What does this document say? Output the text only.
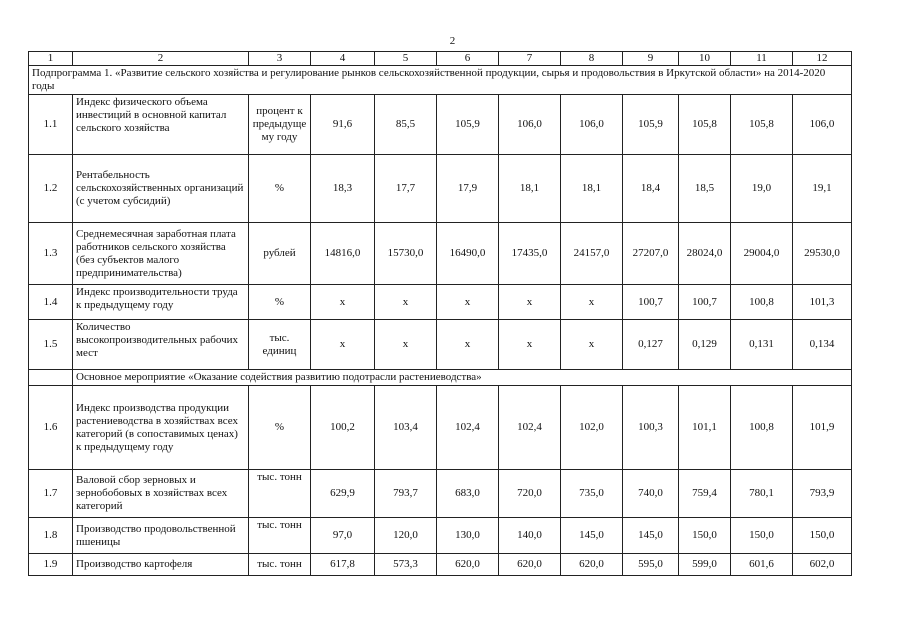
2
1	2	3	4	5	6	7	8	9	10	11	12
Подпрограмма 1. «Развитие сельского хозяйства и регулирование рынков сельскохозяйственной продукции, сырья и продовольствия в Иркутской области» на 2014-2020 годы											
1.1	Индекс физического объема инвестиций в основной капитал сельского хозяйства	процент к предыдуще му году	91,6	85,5	105,9	106,0	106,0	105,9	105,8	105,8	106,0
1.2	Рентабельность сельскохозяйственных организаций (с учетом субсидий)	%	18,3	17,7	17,9	18,1	18,1	18,4	18,5	19,0	19,1
1.3	Среднемесячная заработная плата работников сельского хозяйства (без субъектов малого предпринимательства)	рублей	14816,0	15730,0	16490,0	17435,0	24157,0	27207,0	28024,0	29004,0	29530,0
1.4	Индекс производительности труда к предыдущему году	%	x	x	x	x	x	100,7	100,7	100,8	101,3
1.5	Количество высокопроизводительных рабочих мест	тыс. единиц	x	x	x	x	x	0,127	0,129	0,131	0,134
	Основное мероприятие «Оказание содействия развитию подотрасли растениеводства»										
1.6	Индекс производства продукции растениеводства в хозяйствах всех категорий (в сопоставимых ценах) к предыдущему году	%	100,2	103,4	102,4	102,4	102,0	100,3	101,1	100,8	101,9
1.7	Валовой сбор зерновых и зернобобовых в хозяйствах всех категорий	тыс. тонн	629,9	793,7	683,0	720,0	735,0	740,0	759,4	780,1	793,9
1.8	Производство продовольственной пшеницы	тыс. тонн	97,0	120,0	130,0	140,0	145,0	145,0	150,0	150,0	150,0
1.9	Производство картофеля	тыс. тонн	617,8	573,3	620,0	620,0	620,0	595,0	599,0	601,6	602,0
